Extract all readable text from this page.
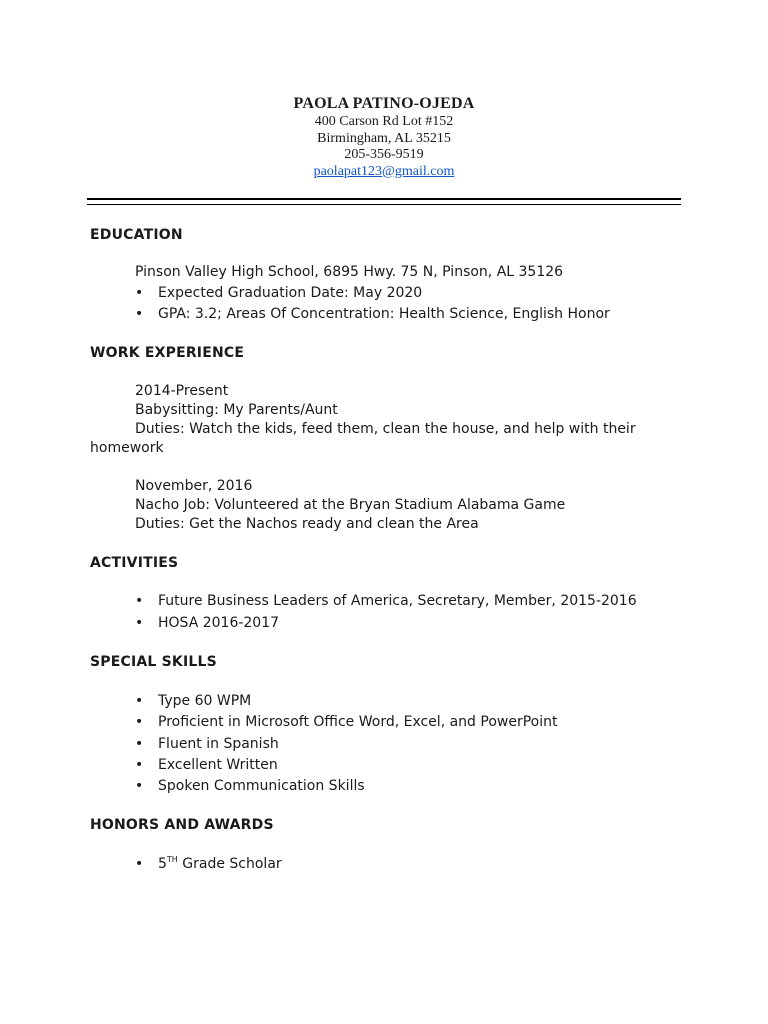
PAOLA PATINO-OJEDA
400 Carson Rd Lot #152
Birmingham, AL 35215
205-356-9519
paolapat123@gmail.com
EDUCATION
Pinson Valley High School, 6895 Hwy. 75 N, Pinson, AL 35126
• Expected Graduation Date: May 2020
• GPA: 3.2; Areas Of Concentration: Health Science, English Honor
WORK EXPERIENCE
2014-Present
Babysitting: My Parents/Aunt
Duties: Watch the kids, feed them, clean the house, and help with their
homework
November, 2016
Nacho Job: Volunteered at the Bryan Stadium Alabama Game
Duties: Get the Nachos ready and clean the Area
ACTIVITIES
• Future Business Leaders of America, Secretary, Member, 2015-2016
• HOSA 2016-2017
SPECIAL SKILLS
• Type 60 WPM
• Proficient in Microsoft Office Word, Excel, and PowerPoint
• Fluent in Spanish
• Excellent Written
• Spoken Communication Skills
HONORS AND AWARDS
• 5TH Grade Scholar
